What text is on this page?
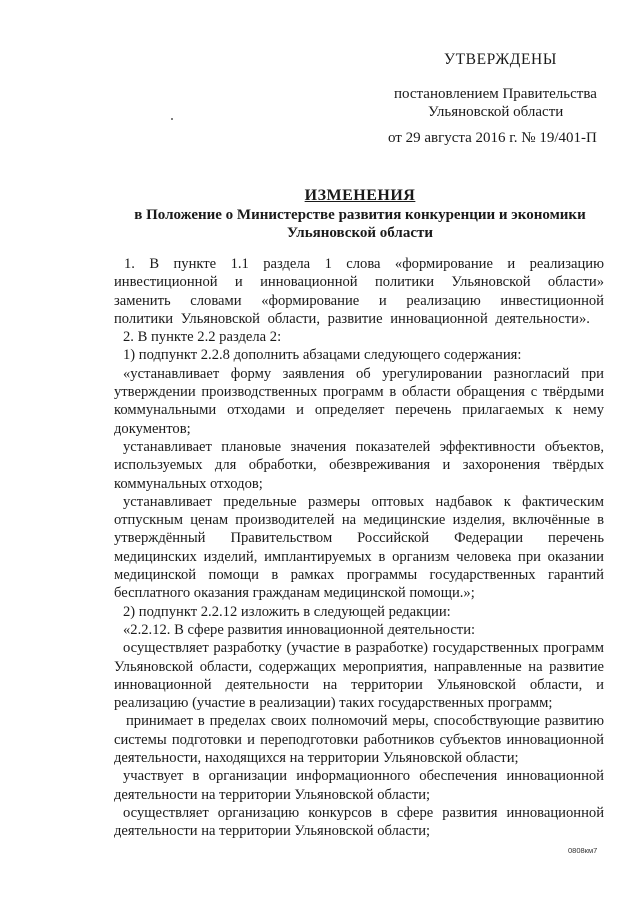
УТВЕРЖДЕНЫ
постановлением Правительства
Ульяновской области
от 29 августа 2016 г. № 19/401-П
ИЗМЕНЕНИЯ
в Положение о Министерстве развития конкуренции и экономики Ульяновской области

1. В пункте 1.1 раздела 1 слова «формирование и реализацию инвестиционной и инновационной политики Ульяновской области» заменить словами «формирование и реализацию инвестиционной политики Ульяновской области, развитие инновационной деятельности».

2. В пункте 2.2 раздела 2:

1) подпункт 2.2.8 дополнить абзацами следующего содержания:

«устанавливает форму заявления об урегулировании разногласий при утверждении производственных программ в области обращения с твёрдыми коммунальными отходами и определяет перечень прилагаемых к нему документов;

устанавливает плановые значения показателей эффективности объектов, используемых для обработки, обезвреживания и захоронения твёрдых коммунальных отходов;

устанавливает предельные размеры оптовых надбавок к фактическим отпускным ценам производителей на медицинские изделия, включённые в утверждённый Правительством Российской Федерации перечень медицинских изделий, имплантируемых в организм человека при оказании медицинской помощи в рамках программы государственных гарантий бесплатного оказания гражданам медицинской помощи.»;

2) подпункт 2.2.12 изложить в следующей редакции:

«2.2.12. В сфере развития инновационной деятельности:

осуществляет разработку (участие в разработке) государственных программ Ульяновской области, содержащих мероприятия, направленные на развитие инновационной деятельности на территории Ульяновской области, и реализацию (участие в реализации) таких государственных программ;

принимает в пределах своих полномочий меры, способствующие развитию системы подготовки и переподготовки работников субъектов инновационной деятельности, находящихся на территории Ульяновской области;

участвует в организации информационного обеспечения инновационной деятельности на территории Ульяновской области;

осуществляет организацию конкурсов в сфере развития инновационной деятельности на территории Ульяновской области;

0808км7
